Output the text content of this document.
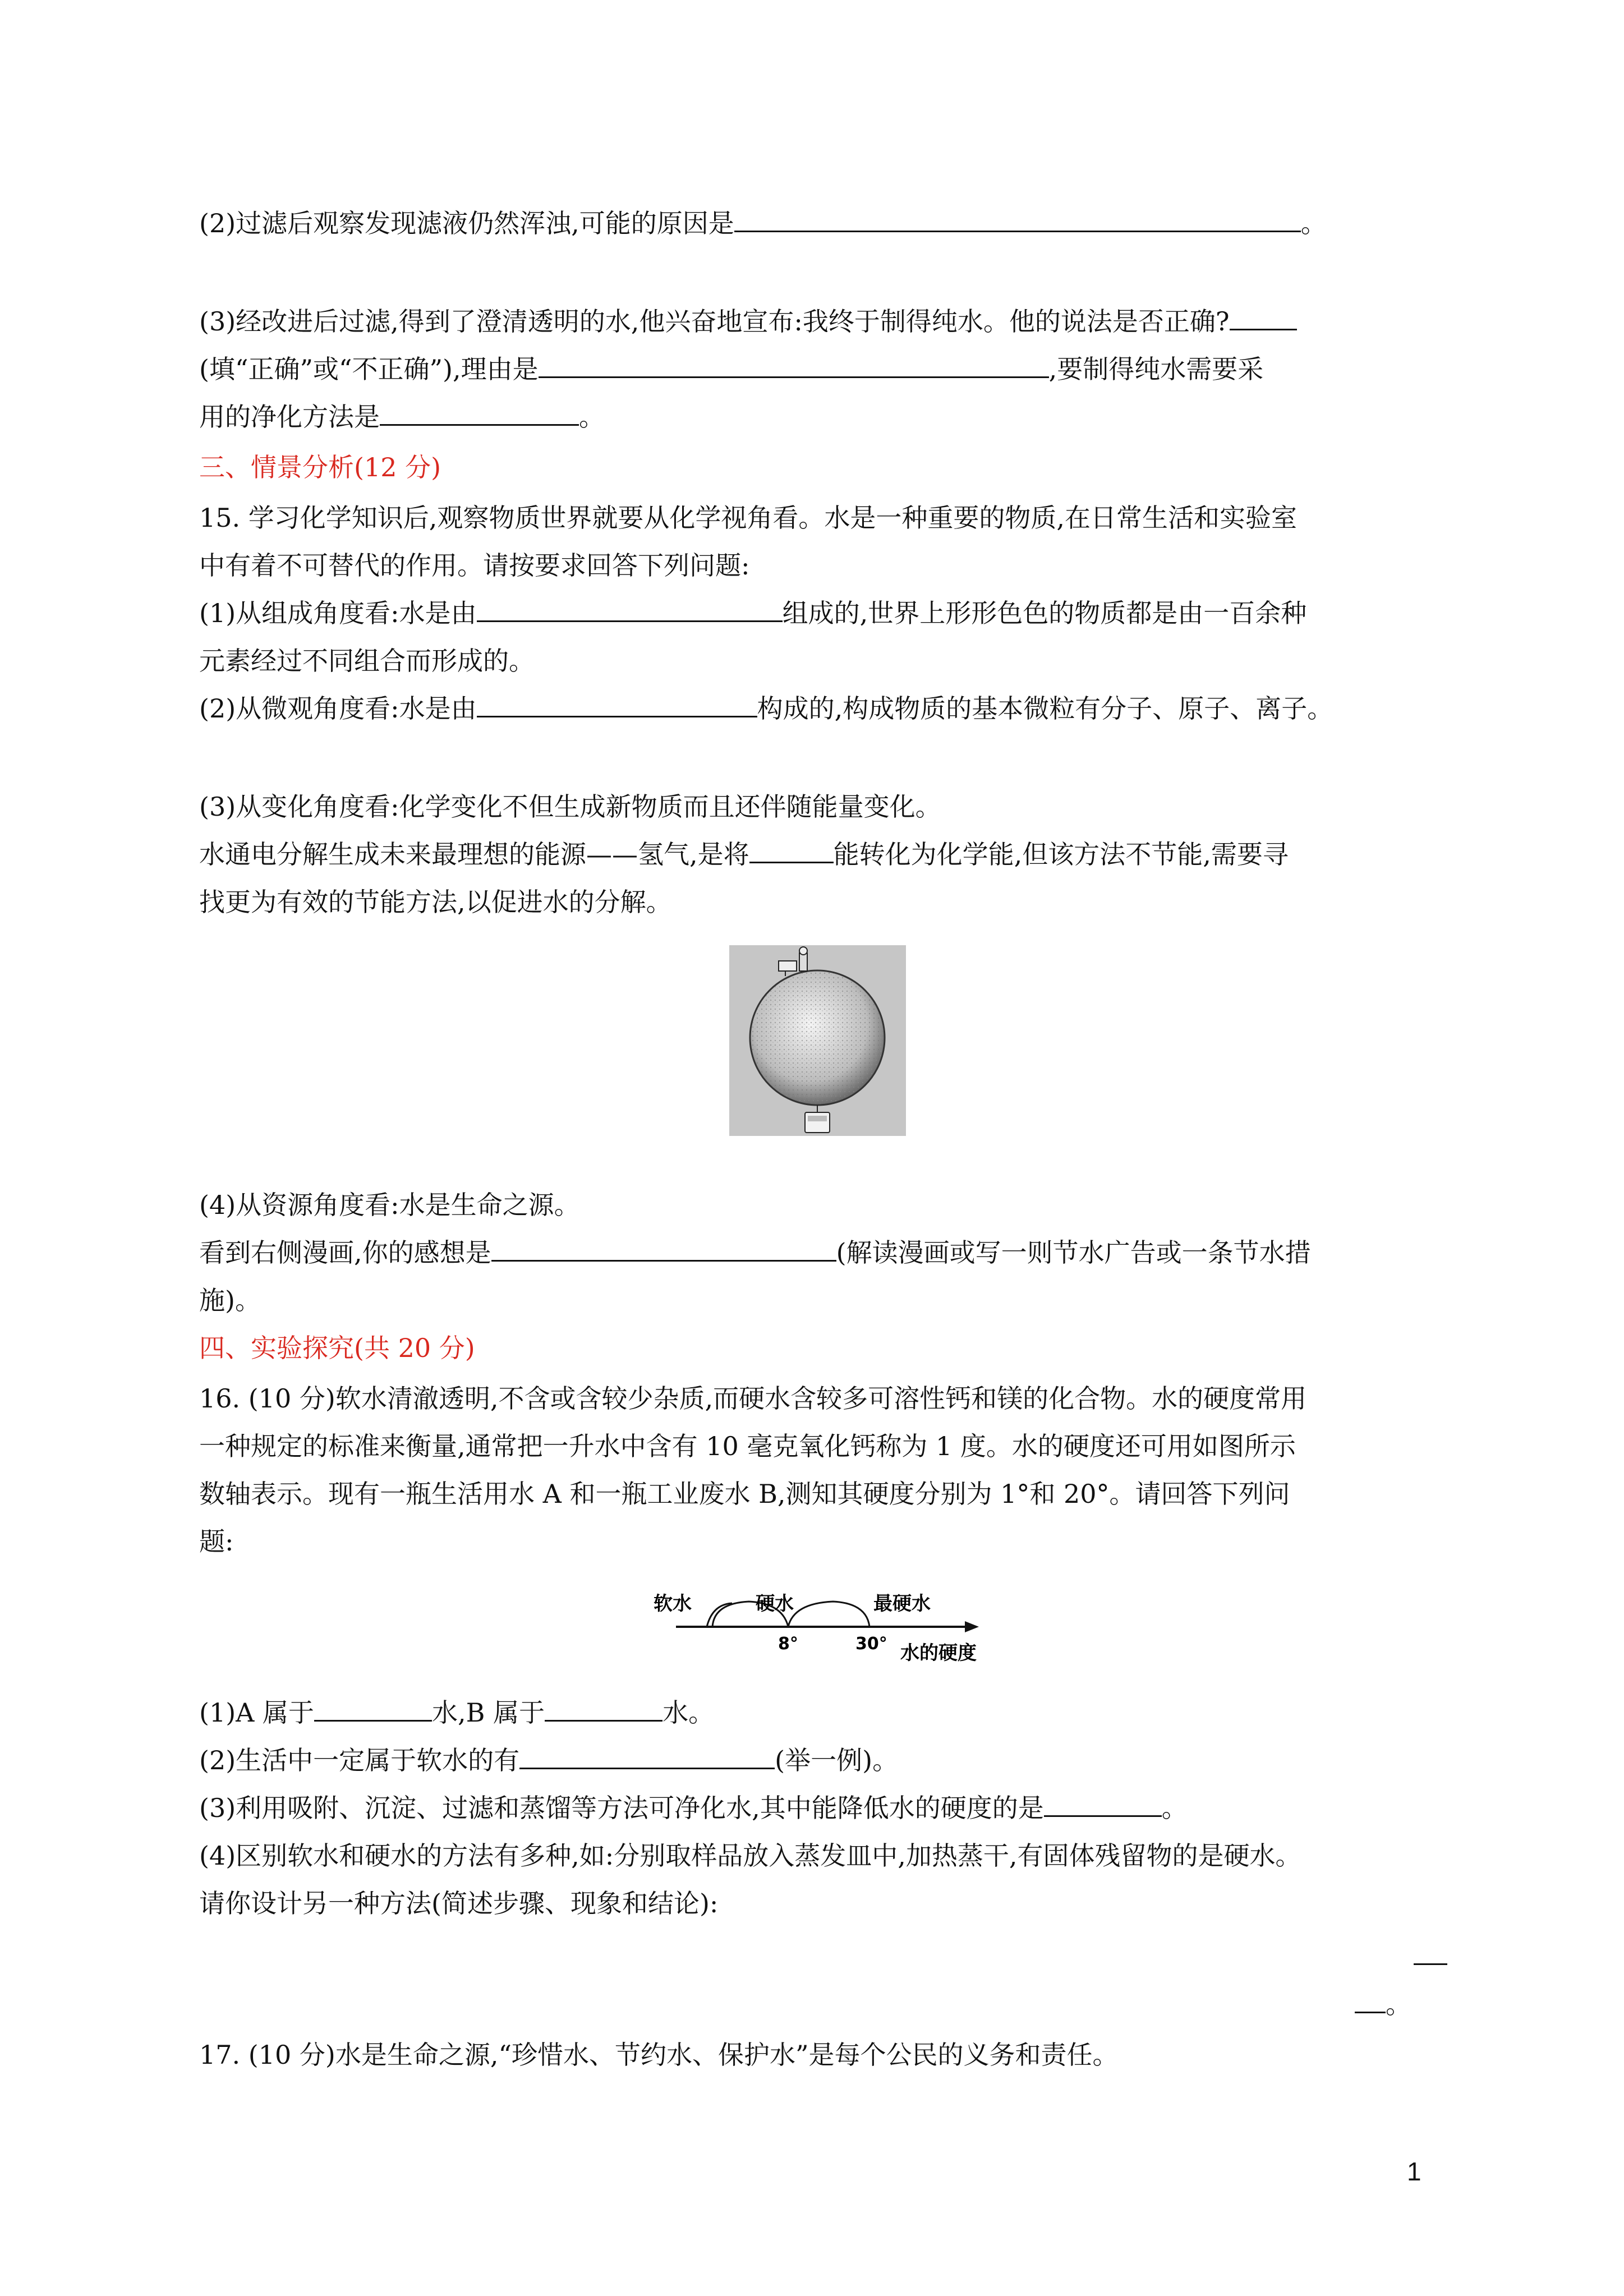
(2)过滤后观察发现滤液仍然浑浊,可能的原因是	。
(3)经改进后过滤,得到了澄清透明的水,他兴奋地宣布:我终于制得纯水。他的说法是否正确?
(填“正确”或“不正确”),理由是	,要制得纯水需要采
用的净化方法是	。
三、情景分析(12 分)
15. 学习化学知识后,观察物质世界就要从化学视角看。水是一种重要的物质,在日常生活和实验室
中有着不可替代的作用。请按要求回答下列问题:
(1)从组成角度看:水是由	组成的,世界上形形色色的物质都是由一百余种
元素经过不同组合而形成的。
(2)从微观角度看:水是由	构成的,构成物质的基本微粒有分子、原子、离子。
(3)从变化角度看:化学变化不但生成新物质而且还伴随能量变化。
水通电分解生成未来最理想的能源——氢气,是将	能转化为化学能,但该方法不节能,需要寻
找更为有效的节能方法,以促进水的分解。
(4)从资源角度看:水是生命之源。
看到右侧漫画,你的感想是	(解读漫画或写一则节水广告或一条节水措
施)。
四、实验探究(共 20 分)
16. (10 分)软水清澈透明,不含或含较少杂质,而硬水含较多可溶性钙和镁的化合物。水的硬度常用
一种规定的标准来衡量,通常把一升水中含有 10 毫克氧化钙称为 1 度。水的硬度还可用如图所示
数轴表示。现有一瓶生活用水 A 和一瓶工业废水 B,测知其硬度分别为 1°和 20°。请回答下列问
题:
软水	硬水	最硬水
8°	30° 水的硬度
(1)A 属于	水,B 属于	水。
(2)生活中一定属于软水的有	(举一例)。
(3)利用吸附、沉淀、过滤和蒸馏等方法可净化水,其中能降低水的硬度的是	。
(4)区别软水和硬水的方法有多种,如:分别取样品放入蒸发皿中,加热蒸干,有固体残留物的是硬水。
请你设计另一种方法(简述步骤、现象和结论):
。
17. (10 分)水是生命之源,“珍惜水、节约水、保护水”是每个公民的义务和责任。
1
